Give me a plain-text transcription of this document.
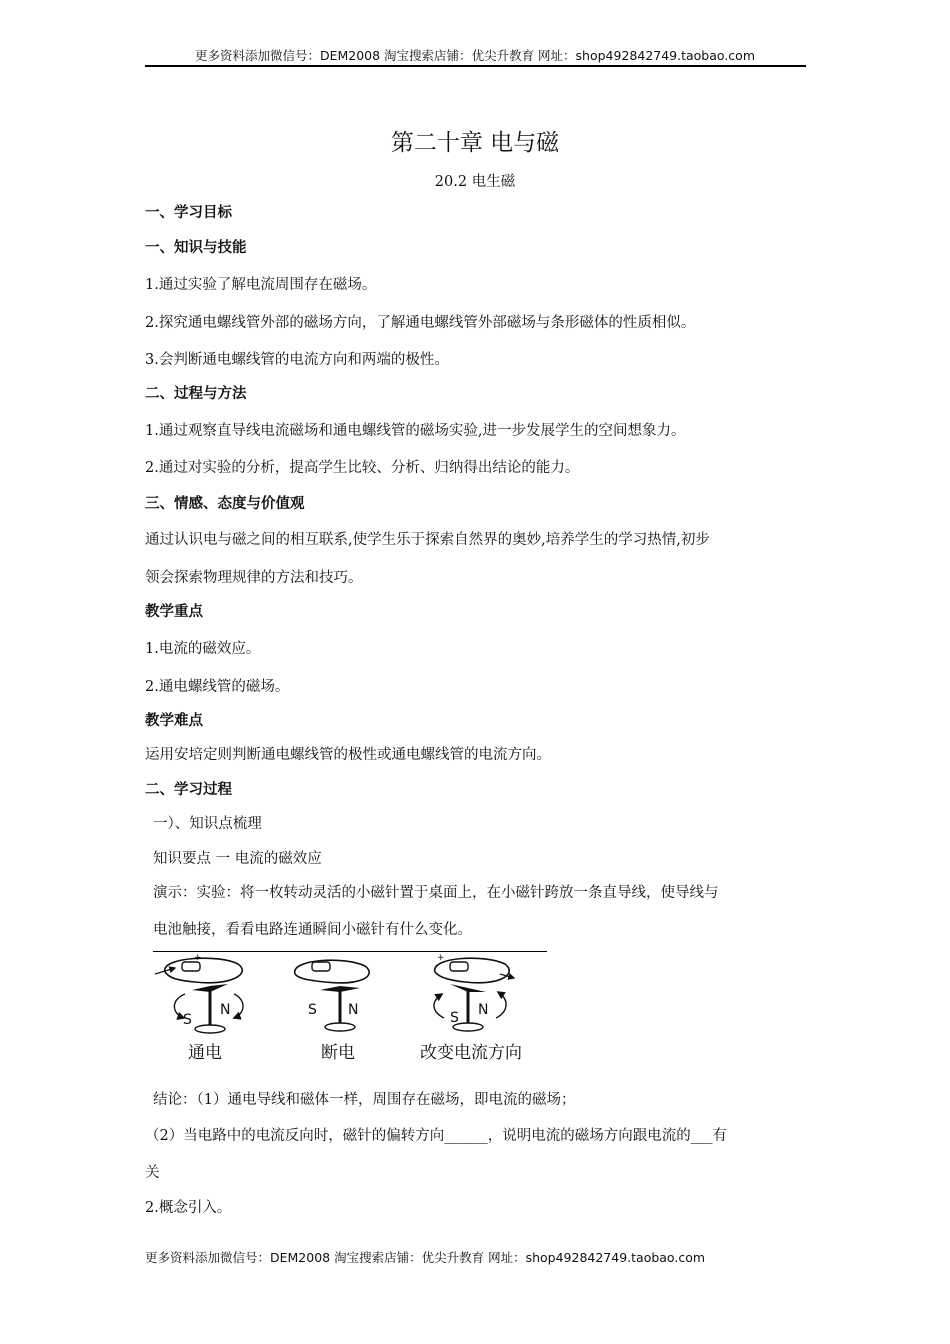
更多资料添加微信号：DEM2008 淘宝搜索店铺：优尖升教育 网址：shop492842749.taobao.com
第二十章 电与磁
20.2 电生磁
一、学习目标
一、知识与技能
1.通过实验了解电流周围存在磁场。
2.探究通电螺线管外部的磁场方向，了解通电螺线管外部磁场与条形磁体的性质相似。
3.会判断通电螺线管的电流方向和两端的极性。
二、过程与方法
1.通过观察直导线电流磁场和通电螺线管的磁场实验,进一步发展学生的空间想象力。
2.通过对实验的分析，提高学生比较、分析、归纳得出结论的能力。
三、情感、态度与价值观
通过认识电与磁之间的相互联系,使学生乐于探索自然界的奥妙,培养学生的学习热情,初步
领会探索物理规律的方法和技巧。
教学重点
1.电流的磁效应。
2.通电螺线管的磁场。
教学难点
运用安培定则判断通电螺线管的极性或通电螺线管的电流方向。
二、学习过程
一）、知识点梳理
知识要点 一 电流的磁效应
演示：实验：将一枚转动灵活的小磁针置于桌面上，在小磁针跨放一条直导线，使导线与
电池触接，看看电路连通瞬间小磁针有什么变化。
+
S
N
通电
S N
断电
+
S N
改变电流方向
结论：（1）通电导线和磁体一样，周围存在磁场，即电流的磁场；
（2）当电路中的电流反向时，磁针的偏转方向______，说明电流的磁场方向跟电流的___有
关
2.概念引入。
更多资料添加微信号：DEM2008 淘宝搜索店铺：优尖升教育 网址：shop492842749.taobao.com
